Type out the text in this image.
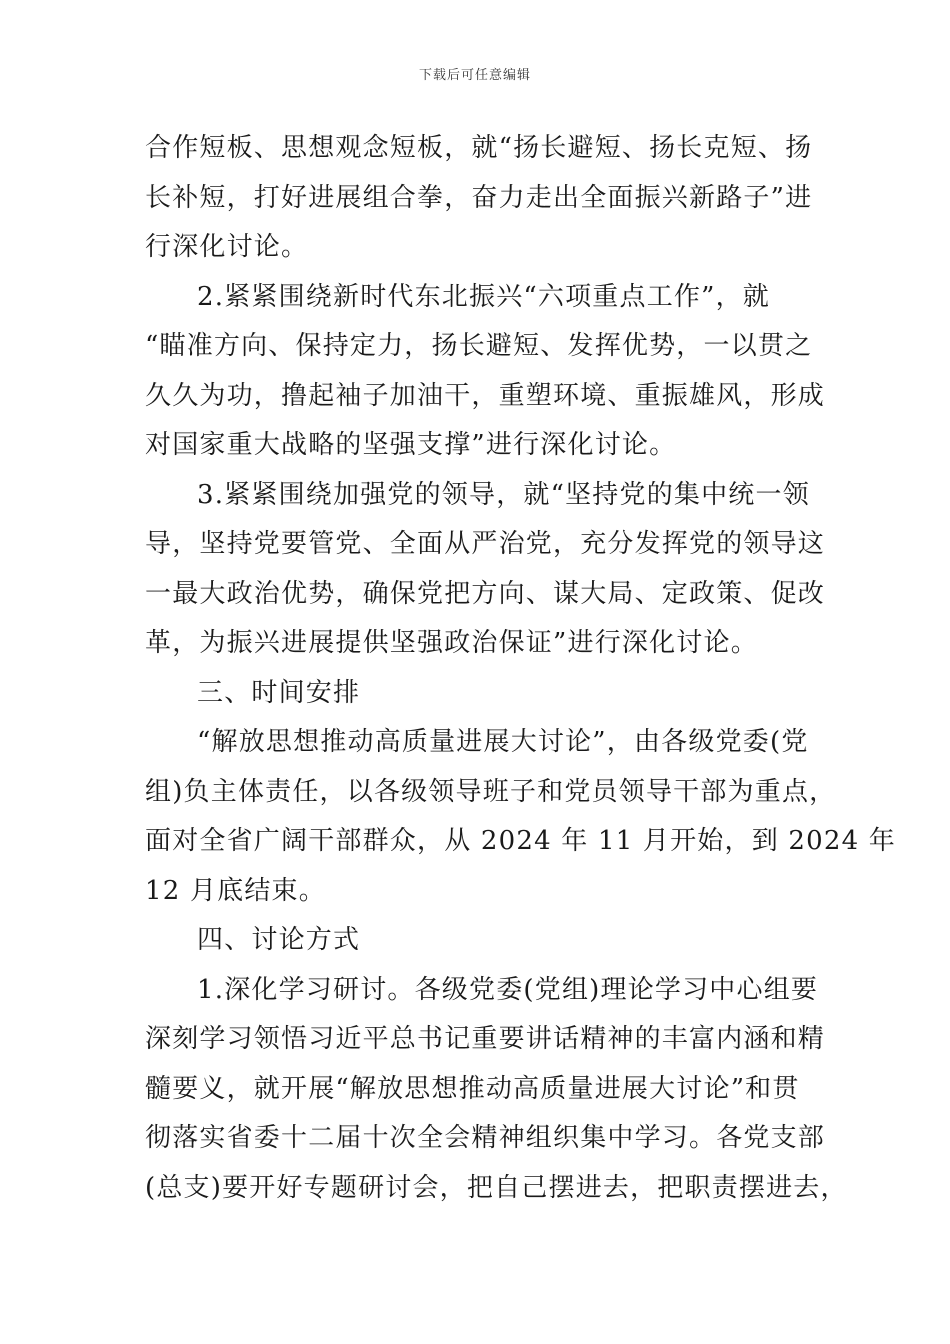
下载后可任意编辑
合作短板、思想观念短板，就“扬长避短、扬长克短、扬
长补短，打好进展组合拳，奋力走出全面振兴新路子”进
行深化讨论。
2.紧紧围绕新时代东北振兴“六项重点工作”，就
“瞄准方向、保持定力，扬长避短、发挥优势，一以贯之
久久为功，撸起袖子加油干，重塑环境、重振雄风，形成
对国家重大战略的坚强支撑”进行深化讨论。
3.紧紧围绕加强党的领导，就“坚持党的集中统一领
导，坚持党要管党、全面从严治党，充分发挥党的领导这
一最大政治优势，确保党把方向、谋大局、定政策、促改
革，为振兴进展提供坚强政治保证”进行深化讨论。
三、时间安排
“解放思想推动高质量进展大讨论”，由各级党委(党
组)负主体责任，以各级领导班子和党员领导干部为重点，
面对全省广阔干部群众，从 2024 年 11 月开始，到 2024 年
12 月底结束。
四、讨论方式
1.深化学习研讨。各级党委(党组)理论学习中心组要
深刻学习领悟习近平总书记重要讲话精神的丰富内涵和精
髓要义，就开展“解放思想推动高质量进展大讨论”和贯
彻落实省委十二届十次全会精神组织集中学习。各党支部
(总支)要开好专题研讨会，把自己摆进去，把职责摆进去，
